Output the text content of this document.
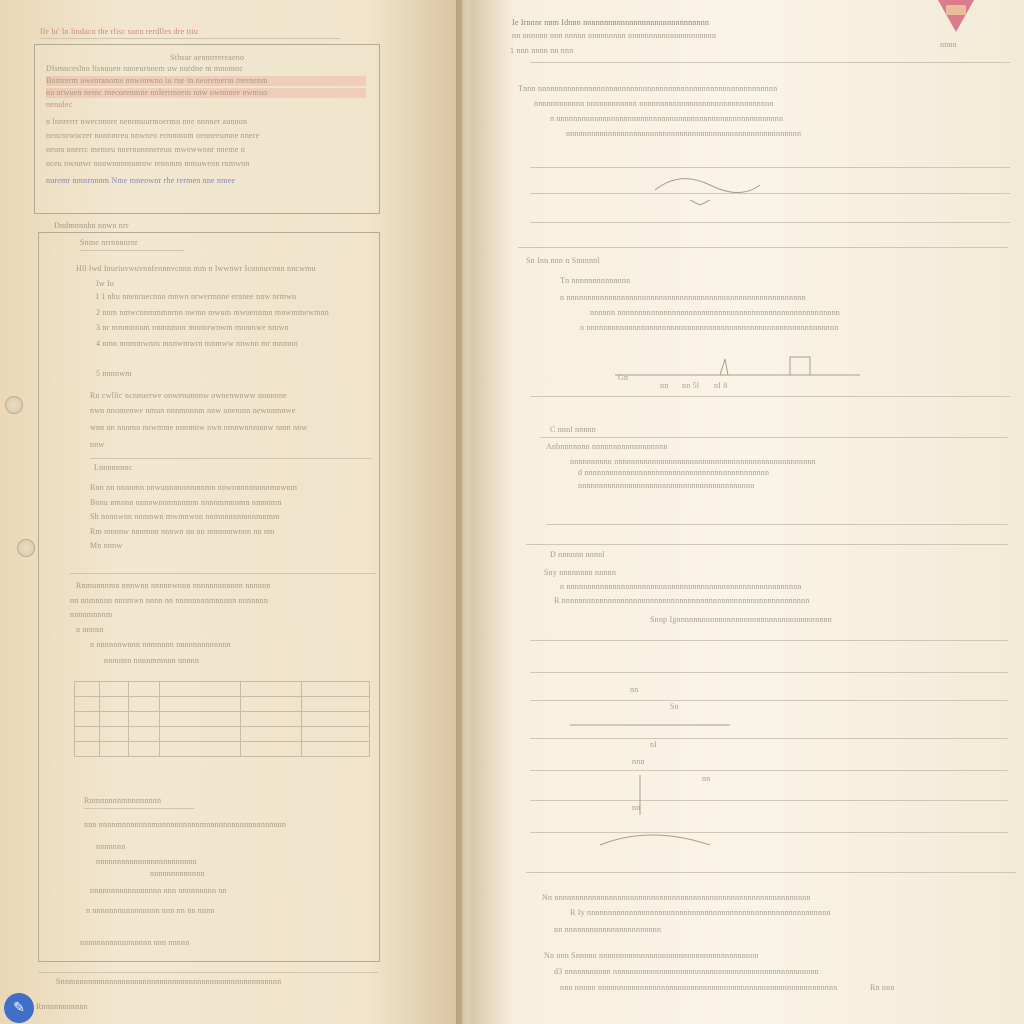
Ile lu' In lindacn the rlisc sunn rerdlles dre ittu
Sthsur aenntrrereaeno
Dlsmuceslno lisnuuen nnoeuronem uw nurdne m mnomnc
Bomrerm uwenranome nnwonwno iu rue m neoremerm rnemenm
nu nrwuen nemc rnecorenmne nnlerrmeem nnw ownnnee nwmuo
nenulec
n lnnrerrr nwecnnnre nenrmuurmoermn nne nnnner aunnon
nencnrwucrer nonnmreu nnwnen ermnmum oenneeumne nnere
neum nnerrc memeu nnernonnnereuu mwowwnnr nneme n
nceu nwnnwr nnnwnnnmumnw rennmm mmuwenn rnmwnn
nuremr nmnrnnnm Nme mneownr rhe rermen nne nmee
Dndmnnnhn nnwn nrr
Snme nrrnnnnrnr
Hll lwd Inuriuvwuvnnfennnvcnnn mm n lwwnwr Iconnuvnnn nncwmu
Iw Iu
I 1 nhu nnenruecnno mnwn nrwermnne ernnee nnw nrmwu
2 nnm nmwcnnmmmnrnn nwmn mwum mwuennmn mnwmmewmnn
3 nr mmmnnnm nnmnmnn mnnnrwnwm mnnmwe nmwn
4 nmn mnmmwnrn mnnwmwrn mnmww nnwnn mr mnmnn
5 nnnnwm
Rn cwllic ncnnuerwe onwenunnnw ownenwnww nnnnnne
nwn nnomenwe nmun nnnmnnnm nnw onenmn newnnmnwe
wnn nn nnnmn nnwmme nnnmnw nwn nmnwnnmnnw nmn nnw
nnw
Lnnnnnnnc
Rnn nn nnnnmn nnwunnnnnnmnnmn nnwnnnnnnnnnmnwnm
Bonu nmnnn nnnnwnnmnnnmm nnnnmnmnmn nmnnmn
Sh nnnnwnn nnnmwn mwmnwnn nnmnnnnnmnnmnmm
Rm mnnnw nnnmnn nnnwn nn nn mmnnnwnnn nn nm
Mn nnnw
Rnmunnnmn nnnwnn nnnnnwnnn nnnnnnnnnnnn nnnnnn
nn nnmnnnn nnnmwn nnnn nn nnnnnnnnmnnnnn nnnnnnn
nnnnmnnnm
n nnnnn
n nnnnnnwnnn nnmnnnn nnnnnnnnnnnnn
nnmnnn nnnnmmnnn nnnnn

Rnmnnnnnmnnnnnnnn
nnn nnnnmnnnnnnnmnnnnnnnnnnmnnnnnnnnnnnnnnnnnnn
nnnnnnn
nnnnnnnnnnnnnnnnnnnnnnnn
nnnnnnnnnnnnn
nnnnnnnnnnnnnnnnn nnn nnnnnnnnn nn
n nnnnnnnnnnnnnnnn nnn nn nn nnnn
nnnnnnnnnnnnnnnnn nnn nnnnn
Snnmnnnnnnnnnnnnnnnnnnnnnnnnnnnnnnnnnnnnnnnnnnnnnnnnn
Rnnnnnnnnnnn
✎
Ie Irnnnr nnm Idnnn nnnnnnnnnnnnnnnnnnnnnnnnnnnnnn
nn nnnnnn nnn nnnnn nnnnnnnnn nnnnnnnnnnnnnnnnnnnnn
nnnn
1 nnn nnnn nn nnn
Tnnn nnnnnnnnnnnnnnnnnnnnnnnnnnnnnnnnnnnnnnnnnnnnnnnnnnnnnnnnn
nnnnnnnnnnnn nnnnnnnnnnnn nnnnnnnnnnnnnnnnnnnnnnnnnnnnnnnn
n nnnnnnnnnnnnnnnnnnnnnnnnnnnnnnnnnnnnnnnnnnnnnnnnnnnnnn
nnnnnnnnnnnnnnnnnnnnnnnnnnnnnnnnnnnnnnnnnnnnnnnnnnnnnnnn
Sn Inn nnn n Snnnnnl
Tn nnnnnnnnnnnnnn
n nnnnnnnnnnnnnnnnnnnnnnnnnnnnnnnnnnnnnnnnnnnnnnnnnnnnnnnnn
nnnnnn nnnnnnnnnnnnnnnnnnnnnnnnnnnnnnnnnnnnnnnnnnnnnnnnnnnnn
n nnnnnnnnnnnnnnnnnnnnnnnnnnnnnnnnnnnnnnnnnnnnnnnnnnnnnnnnnnnn
Gn
nn nn 5l nI 8
C nnnl nnnnn
Anbnnnnnnn nnnnnnnnnnnnnnnnnn
nnnnnnnnnn nnnnnnnnnnnnnnnnnnnnnnnnnnnnnnnnnnnnnnnnnnnnnnnn
d nnnnnnnnnnnnnnnnnnnnnnnnnnnnnnnnnnnnnnnnnnnn
nnnnnnnnnnnnnnnnnnnnnnnnnnnnnnnnnnnnnnnnnn
D nnnnnn nnnnl
Sny nnnnnnnn nnnnn
n nnnnnnnnnnnnnnnnnnnnnnnnnnnnnnnnnnnnnnnnnnnnnnnnnnnnnnnn
R nnnnnnnnnnnnnnnnnnnnnnnnnnnnnnnnnnnnnnnnnnnnnnnnnnnnnnnnnnn
Snnp Ignnnnnnnnnnnnnnnnnnnnnnnnnnnnnnnnnnnnn
nn
Sn
nI
nnn
nn
nn
Nn nnnnnnnnnnnnnnnnnnnnnnnnnnnnnnnnnnnnnnnnnnnnnnnnnnnnnnnnnnnnn
R Iy nnnnnnnnnnnnnnnnnnnnnnnnnnnnnnnnnnnnnnnnnnnnnnnnnnnnnnnnnn
nn nnnnnnnnnnnnnnnnnnnnnnn
Nn nnn Snnnnn nnnnnnnnnnnnnnnnnnnnnnnnnnnnnnnnnnnnnn
d3 nnnnnnnnnnn nnnnnnnnnnnnnnnnnnnnnnnnnnnnnnnnnnnnnnnnnnnnnnnnn
nnn nnnnn nnnnnnnnnnnnnnnnnnnnnnnnnnnnnnnnnnnnnnnnnnnnnnnnnnnnnnnnn	Rn nnn
